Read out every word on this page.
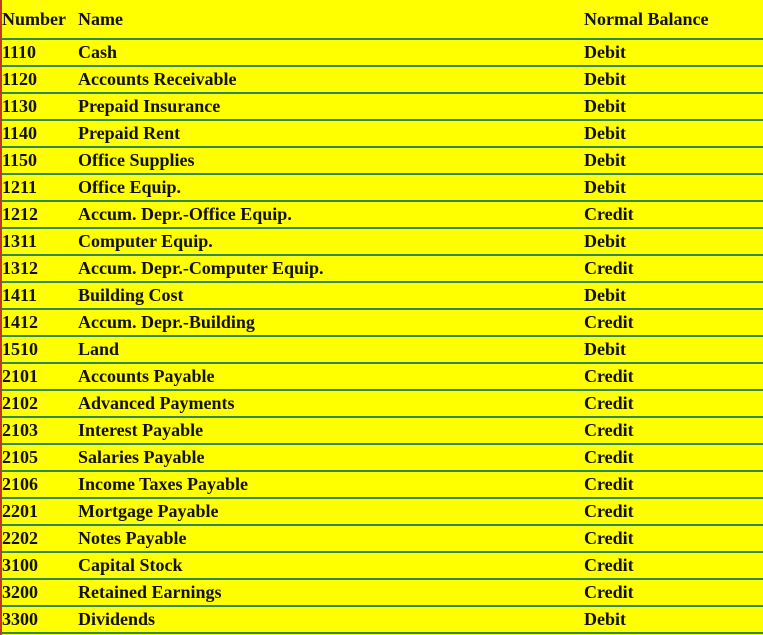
Number	Name	Normal Balance
1110	Cash	Debit
1120	Accounts Receivable	Debit
1130	Prepaid Insurance	Debit
1140	Prepaid Rent	Debit
1150	Office Supplies	Debit
1211	Office Equip.	Debit
1212	Accum. Depr.-Office Equip.	Credit
1311	Computer Equip.	Debit
1312	Accum. Depr.-Computer Equip.	Credit
1411	Building Cost	Debit
1412	Accum. Depr.-Building	Credit
1510	Land	Debit
2101	Accounts Payable	Credit
2102	Advanced Payments	Credit
2103	Interest Payable	Credit
2105	Salaries Payable	Credit
2106	Income Taxes Payable	Credit
2201	Mortgage Payable	Credit
2202	Notes Payable	Credit
3100	Capital Stock	Credit
3200	Retained Earnings	Credit
3300	Dividends	Debit
